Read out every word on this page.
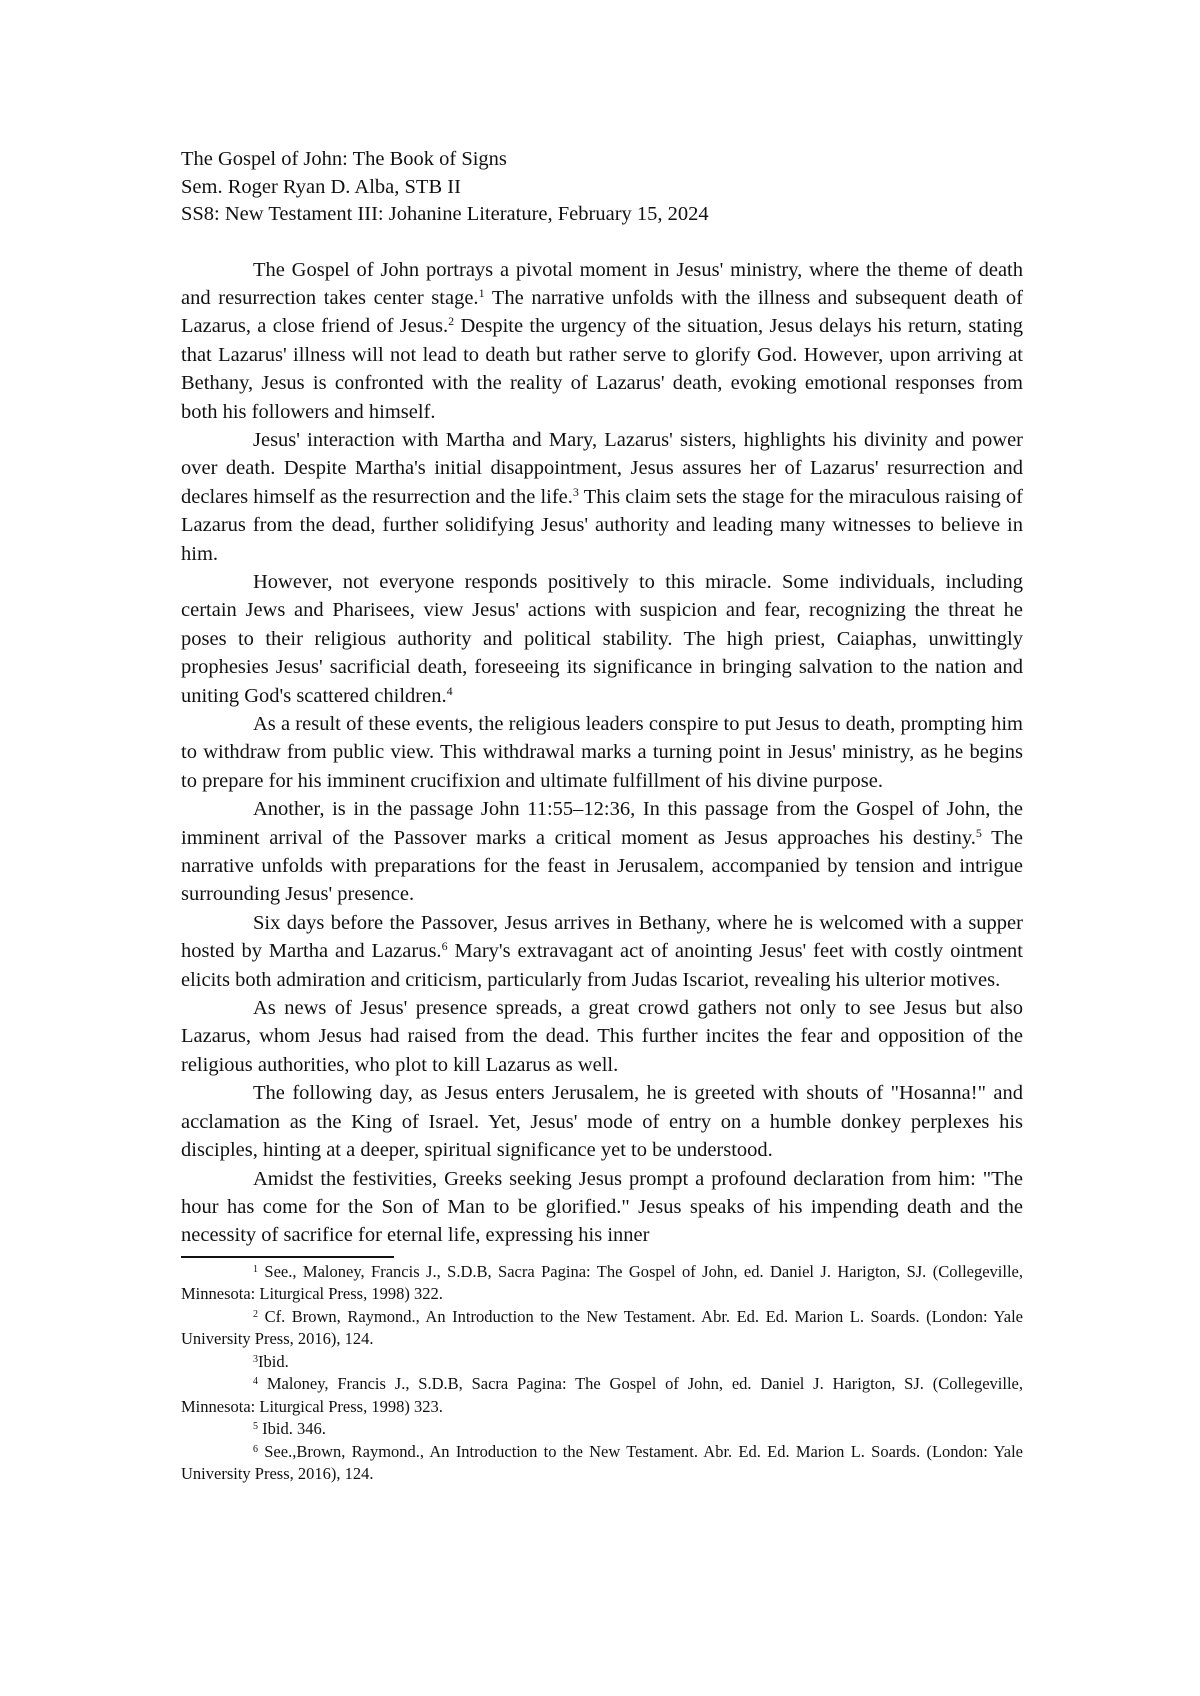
The Gospel of John: The Book of Signs
Sem. Roger Ryan D. Alba, STB II
SS8: New Testament III: Johanine Literature, February 15, 2024

The Gospel of John portrays a pivotal moment in Jesus' ministry, where the theme of death and resurrection takes center stage.$^1$ The narrative unfolds with the illness and subsequent death of Lazarus, a close friend of Jesus.$^2$ Despite the urgency of the situation, Jesus delays his return, stating that Lazarus' illness will not lead to death but rather serve to glorify God. However, upon arriving at Bethany, Jesus is confronted with the reality of Lazarus' death, evoking emotional responses from both his followers and himself.

Jesus' interaction with Martha and Mary, Lazarus' sisters, highlights his divinity and power over death. Despite Martha's initial disappointment, Jesus assures her of Lazarus' resurrection and declares himself as the resurrection and the life.$^3$ This claim sets the stage for the miraculous raising of Lazarus from the dead, further solidifying Jesus' authority and leading many witnesses to believe in him.

However, not everyone responds positively to this miracle. Some individuals, including certain Jews and Pharisees, view Jesus' actions with suspicion and fear, recognizing the threat he poses to their religious authority and political stability. The high priest, Caiaphas, unwittingly prophesies Jesus' sacrificial death, foreseeing its significance in bringing salvation to the nation and uniting God's scattered children.$^4$

As a result of these events, the religious leaders conspire to put Jesus to death, prompting him to withdraw from public view. This withdrawal marks a turning point in Jesus' ministry, as he begins to prepare for his imminent crucifixion and ultimate fulfillment of his divine purpose.

Another, is in the passage John 11:55–12:36, In this passage from the Gospel of John, the imminent arrival of the Passover marks a critical moment as Jesus approaches his destiny.$^5$ The narrative unfolds with preparations for the feast in Jerusalem, accompanied by tension and intrigue surrounding Jesus' presence.

Six days before the Passover, Jesus arrives in Bethany, where he is welcomed with a supper hosted by Martha and Lazarus.$^6$ Mary's extravagant act of anointing Jesus' feet with costly ointment elicits both admiration and criticism, particularly from Judas Iscariot, revealing his ulterior motives.

As news of Jesus' presence spreads, a great crowd gathers not only to see Jesus but also Lazarus, whom Jesus had raised from the dead. This further incites the fear and opposition of the religious authorities, who plot to kill Lazarus as well.

The following day, as Jesus enters Jerusalem, he is greeted with shouts of "Hosanna!" and acclamation as the King of Israel. Yet, Jesus' mode of entry on a humble donkey perplexes his disciples, hinting at a deeper, spiritual significance yet to be understood.

Amidst the festivities, Greeks seeking Jesus prompt a profound declaration from him: "The hour has come for the Son of Man to be glorified." Jesus speaks of his impending death and the necessity of sacrifice for eternal life, expressing his inner

$^1$ See., Maloney, Francis J., S.D.B, Sacra Pagina: The Gospel of John, ed. Daniel J. Harigton, SJ. (Collegeville, Minnesota: Liturgical Press, 1998) 322.

$^2$ Cf. Brown, Raymond., An Introduction to the New Testament. Abr. Ed. Ed. Marion L. Soards. (London: Yale University Press, 2016), 124.

$^3$Ibid.

$^4$ Maloney, Francis J., S.D.B, Sacra Pagina: The Gospel of John, ed. Daniel J. Harigton, SJ. (Collegeville, Minnesota: Liturgical Press, 1998) 323.

$^5$ Ibid. 346.

$^6$ See.,Brown, Raymond., An Introduction to the New Testament. Abr. Ed. Ed. Marion L. Soards. (London: Yale University Press, 2016), 124.
